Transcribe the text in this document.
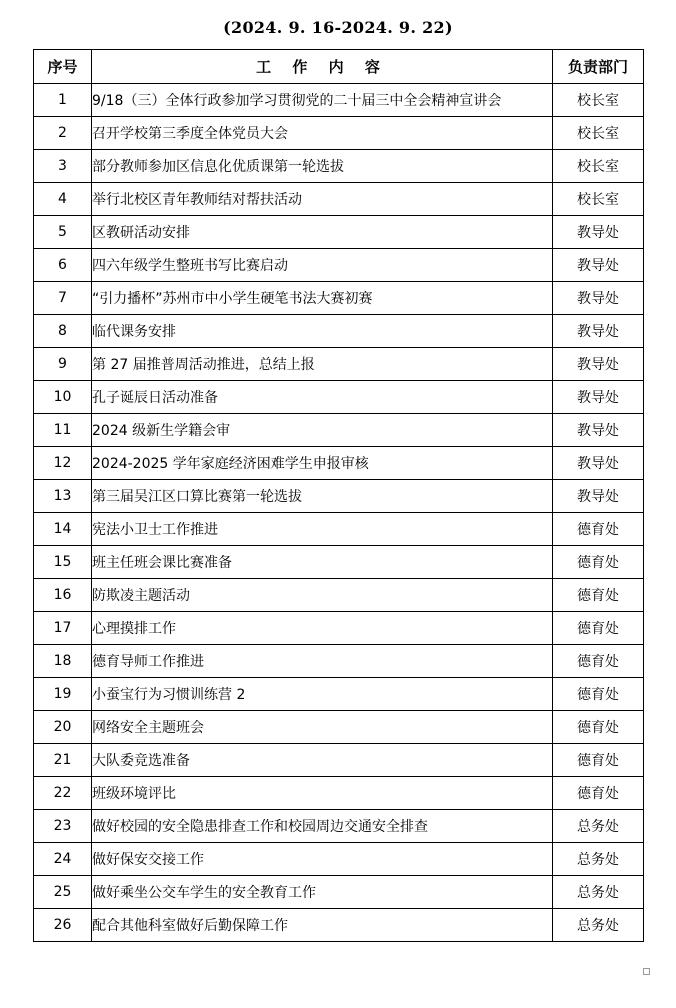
(2024. 9. 16-2024. 9. 22)
序号	工 作 内 容	负责部门
1	9/18（三）全体行政参加学习贯彻党的二十届三中全会精神宣讲会	校长室
2	召开学校第三季度全体党员大会	校长室
3	部分教师参加区信息化优质课第一轮选拔	校长室
4	举行北校区青年教师结对帮扶活动	校长室
5	区教研活动安排	教导处
6	四六年级学生整班书写比赛启动	教导处
7	“引力播杯”苏州市中小学生硬笔书法大赛初赛	教导处
8	临代课务安排	教导处
9	第 27 届推普周活动推进，总结上报	教导处
10	孔子诞辰日活动准备	教导处
11	2024 级新生学籍会审	教导处
12	2024-2025 学年家庭经济困难学生申报审核	教导处
13	第三届吴江区口算比赛第一轮选拔	教导处
14	宪法小卫士工作推进	德育处
15	班主任班会课比赛准备	德育处
16	防欺凌主题活动	德育处
17	心理摸排工作	德育处
18	德育导师工作推进	德育处
19	小蚕宝行为习惯训练营 2	德育处
20	网络安全主题班会	德育处
21	大队委竞选准备	德育处
22	班级环境评比	德育处
23	做好校园的安全隐患排查工作和校园周边交通安全排查	总务处
24	做好保安交接工作	总务处
25	做好乘坐公交车学生的安全教育工作	总务处
26	配合其他科室做好后勤保障工作	总务处
